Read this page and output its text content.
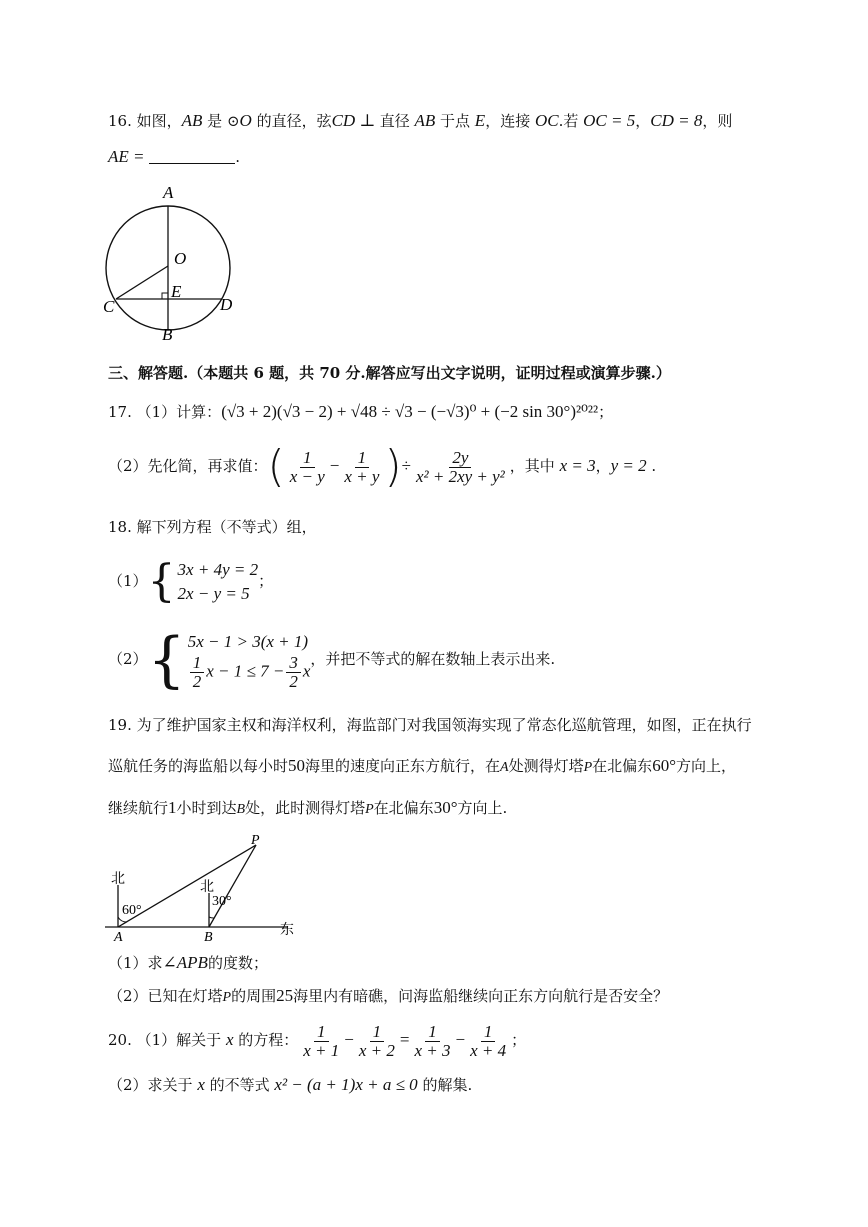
16. 如图，AB 是 ⊙O 的直径，弦CD ⊥ 直径 AB 于点 E，连接 OC.若 OC = 5，CD = 8，则
AE =	.
A
O
E
C	D
B
三、解答题.（本题共 6 题，共 70 分.解答应写出文字说明，证明过程或演算步骤.）
17. （1）计算：(√3 + 2)(√3 − 2) + √48 ÷ √3 − (−√3)⁰ + (−2 sin 30°)²⁰²²；
（2）先化简，再求值：( $\frac{1}{x - y} - \frac{1}{x + y}$ )÷ $\frac{2y}{\text{x² + 2xy + y²}}$ ，其中 x = 3，y = 2 .
18. 解下列方程（不等式）组，
（1）{ 3x + 4y = 2
2x − y = 5
；
（2）{ 5x − 1 > 3(x + 1)
$\frac{1}{2}$ $x - 1 \le 7 - \frac{3}{2}$ x
，并把不等式的解在数轴上表示出来.
19. 为了维护国家主权和海洋权利，海监部门对我国领海实现了常态化巡航管理，如图，正在执行
巡航任务的海监船以每小时50海里的速度向正东方航行，在A处测得灯塔P在北偏东60°方向上，
继续航行1小时到达B处，此时测得灯塔P在北偏东30°方向上.
P
北
北
60°
30°
A	B	东
（1）求∠APB的度数；
（2）已知在灯塔P的周围25海里内有暗礁，问海监船继续向正东方向航行是否安全？
20. （1）解关于 x 的方程： $\frac{1}{x + 1} - \frac{1}{x + 2} = \frac{1}{x + 3} - \frac{1}{x + 4}$ ；
（2）求关于 x 的不等式 x² − (a + 1)x + a ≤ 0 的解集.
